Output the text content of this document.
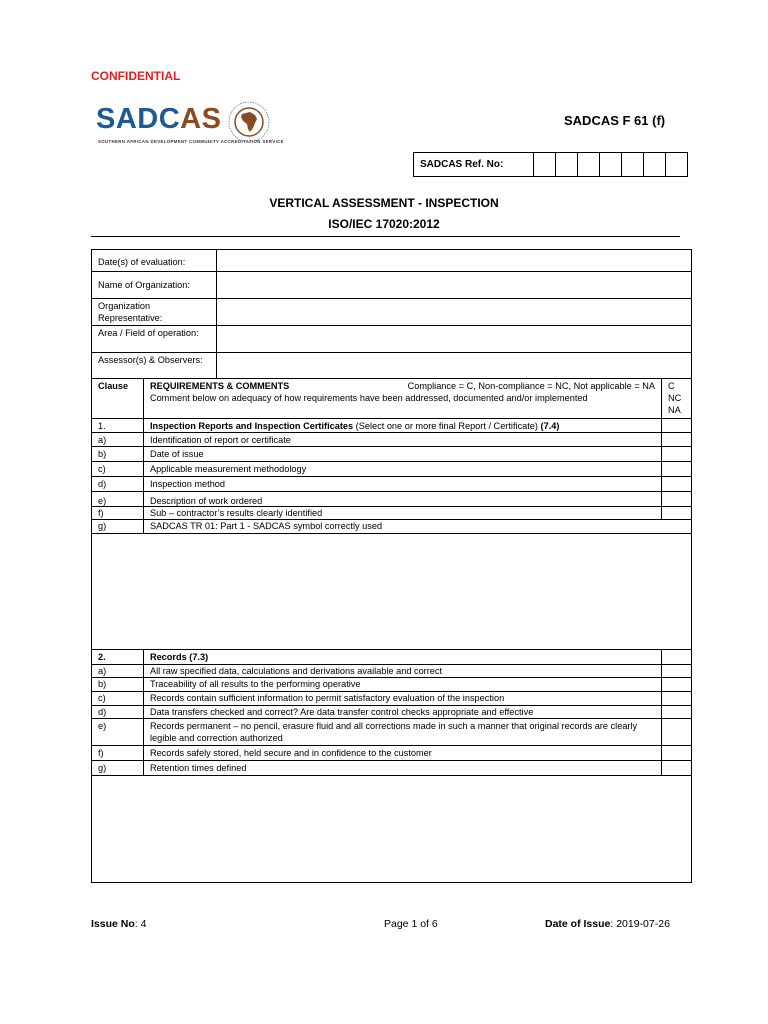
CONFIDENTIAL
SADCAS
SOUTHERN AFRICAN DEVELOPMENT COMMUNITY ACCREDITATION SERVICE
SADCAS F 61 (f)
SADCAS Ref. No:							
VERTICAL ASSESSMENT - INSPECTION
ISO/IEC 17020:2012
Date(s) of evaluation:
Name of Organization:
Organization Representative:
Area / Field of operation:
Assessor(s) & Observers:
Clause	REQUIREMENTS & COMMENTS	Compliance = C, Non-compliance = NC, Not applicable = NA
Comment below on adequacy of how requirements have been addressed, documented and/or implemented
C
NC
NA
1.	Inspection Reports and Inspection Certificates (Select one or more final Report / Certificate) (7.4)
a)	Identification of report or certificate
b)	Date of issue
c)	Applicable measurement methodology
d)	Inspection method
e)	Description of work ordered
f)	Sub – contractor’s results clearly identified
g)	SADCAS TR 01: Part 1 - SADCAS symbol correctly used
2.	Records (7.3)
a)	All raw specified data, calculations and derivations available and correct
b)	Traceability of all results to the performing operative
c)	Records contain sufficient information to permit satisfactory evaluation of the inspection
d)	Data transfers checked and correct? Are data transfer control checks appropriate and effective
e)	Records permanent – no pencil, erasure fluid and all corrections made in such a manner that original records are clearly legible and correction authorized
f)	Records safely stored, held secure and in confidence to the customer
g)	Retention times defined
Issue No: 4	Page 1 of 6	Date of Issue: 2019-07-26
